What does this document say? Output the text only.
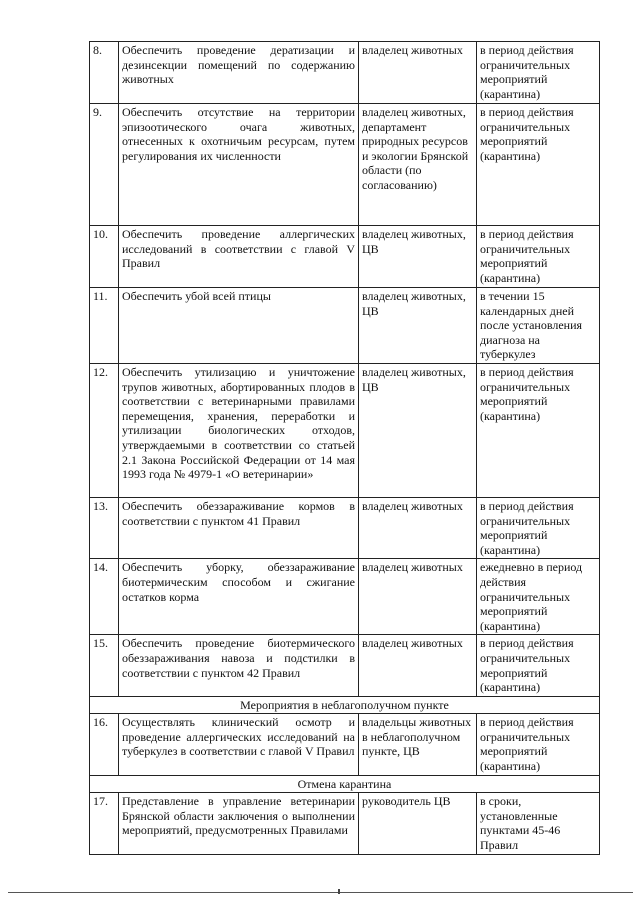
8.	Обеспечить проведение дератизации и дезинсекции помещений по содержанию животных	владелец животных	в период действия ограничительных мероприятий (карантина)
9.	Обеспечить отсутствие на территории эпизоотического очага животных, отнесенных к охотничьим ресурсам, путем регулирования их численности	владелец животных, департамент природных ресурсов и экологии Брянской области (по согласованию)	в период действия ограничительных мероприятий (карантина)
10.	Обеспечить проведение аллергических исследований в соответствии с главой V Правил	владелец животных, ЦВ	в период действия ограничительных мероприятий (карантина)
11.	Обеспечить убой всей птицы	владелец животных, ЦВ	в течении 15 календарных дней после установления диагноза на туберкулез
12.	Обеспечить утилизацию и уничтожение трупов животных, абортированных плодов в соответствии с ветеринарными правилами перемещения, хранения, переработки и утилизации биологических отходов, утверждаемыми в соответствии со статьей 2.1 Закона Российской Федерации от 14 мая 1993 года № 4979-1 «О ветеринарии»	владелец животных, ЦВ	в период действия ограничительных мероприятий (карантина)
13.	Обеспечить обеззараживание кормов в соответствии с пунктом 41 Правил	владелец животных	в период действия ограничительных мероприятий (карантина)
14.	Обеспечить уборку, обеззараживание биотермическим способом и сжигание остатков корма	владелец животных	ежедневно в период действия ограничительных мероприятий (карантина)
15.	Обеспечить проведение биотермического обеззараживания навоза и подстилки в соответствии с пунктом 42 Правил	владелец животных	в период действия ограничительных мероприятий (карантина)
Мероприятия в неблагополучном пункте			
16.	Осуществлять клинический осмотр и проведение аллергических исследований на туберкулез в соответствии с главой V Правил	владельцы животных в неблагополучном пункте, ЦВ	в период действия ограничительных мероприятий (карантина)
Отмена карантина			
17.	Представление в управление ветеринарии Брянской области заключения о выполнении мероприятий, предусмотренных Правилами	руководитель ЦВ	в сроки, установленные пунктами 45-46 Правил
